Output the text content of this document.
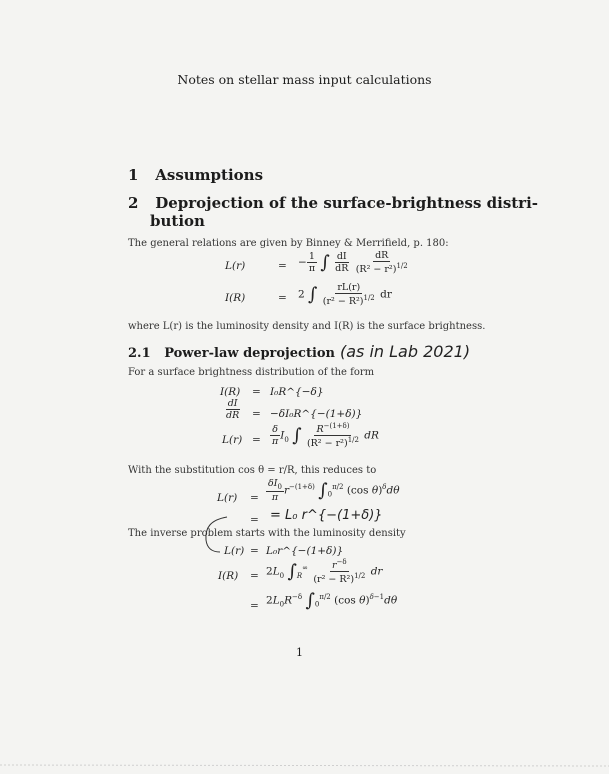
Notes on stellar mass input calculations
1 Assumptions
2 Deprojection of the surface-brightness distri-
bution
The general relations are given by Binney & Merrifield, p. 180:
L(r)	= − $\frac{1}{\pi}$ ∫ $\frac{dI}{dR}$
$\frac{dR}{(R^2 - r^2)^{1/2}}$
I(R)	= 2 ∫ $\frac{rL(r)}{(r^2 - R^2)^{1/2}}$ dr
where L(r) is the luminosity density and I(R) is the surface brightness.
2.1 Power-law deprojection (as in Lab 2021)
For a surface brightness distribution of the form
I(R) = I₀R^{−δ}
$\frac{dI}{dR}$ = −δI₀R^{−(1+δ)}
$L(r) = \frac{\delta}{\pi} I_0$ ∫ $\frac{R^{-(1+\delta)}}{(R^2 - r^2)^{1/2}}$ dR
With the substitution cos θ = r/R, this reduces to
$L(r) = \frac{\delta I_0}{\pi} r^{-(1+\delta)}$ $\int_0^{\pi/2}$ (cos θ)$^\delta$dθ
= = L₀ r^{−(1+δ)}
The inverse problem starts with the luminosity density
L(r) = L₀r^{−(1+δ)}
$I(R) = 2L_0$ $\int_R^\infty \frac{r^{-\delta}}{(r^2 - R^2)^{1/2}}$ dr
= $2L_0R^{-\delta}$ $\int_0^{\pi/2}$ (cos θ)$^{\delta-1}$dθ
1
